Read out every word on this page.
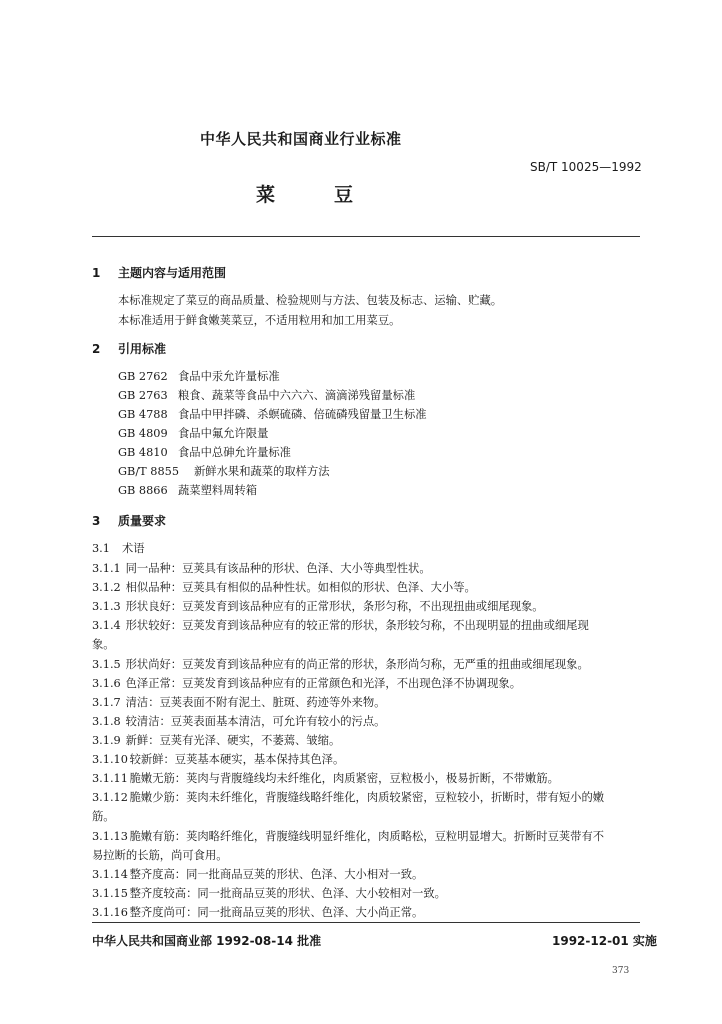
中华人民共和国商业行业标准
SB/T 10025—1992
菜	豆
1 主题内容与适用范围
本标准规定了菜豆的商品质量、检验规则与方法、包装及标志、运输、贮藏。
本标准适用于鲜食嫩荚菜豆，不适用粒用和加工用菜豆。
2 引用标准
GB 2762 食品中汞允许量标准
GB 2763 粮食、蔬菜等食品中六六六、滴滴涕残留量标准
GB 4788 食品中甲拌磷、杀螟硫磷、倍硫磷残留量卫生标准
GB 4809 食品中氟允许限量
GB 4810 食品中总砷允许量标准
GB/T 8855 新鲜水果和蔬菜的取样方法
GB 8866 蔬菜塑料周转箱
3 质量要求
3.1 术语
3.1.1 同一品种：豆荚具有该品种的形状、色泽、大小等典型性状。
3.1.2 相似品种：豆荚具有相似的品种性状。如相似的形状、色泽、大小等。
3.1.3 形状良好：豆荚发育到该品种应有的正常形状，条形匀称，不出现扭曲或细尾现象。
3.1.4 形状较好：豆荚发育到该品种应有的较正常的形状，条形较匀称，不出现明显的扭曲或细尾现
象。
3.1.5 形状尚好：豆荚发育到该品种应有的尚正常的形状，条形尚匀称，无严重的扭曲或细尾现象。
3.1.6 色泽正常：豆荚发育到该品种应有的正常颜色和光泽，不出现色泽不协调现象。
3.1.7 清洁：豆荚表面不附有泥土、脏斑、药迹等外来物。
3.1.8 较清洁：豆荚表面基本清洁，可允许有较小的污点。
3.1.9 新鲜：豆荚有光泽、硬实，不萎蔫、皱缩。
3.1.10 较新鲜：豆荚基本硬实，基本保持其色泽。
3.1.11 脆嫩无筋：荚肉与背腹缝线均未纤维化，肉质紧密，豆粒极小，极易折断，不带嫩筋。
3.1.12 脆嫩少筋：荚肉未纤维化，背腹缝线略纤维化，肉质较紧密，豆粒较小，折断时，带有短小的嫩
筋。
3.1.13 脆嫩有筋：荚肉略纤维化，背腹缝线明显纤维化，肉质略松，豆粒明显增大。折断时豆荚带有不
易拉断的长筋，尚可食用。
3.1.14 整齐度高：同一批商品豆荚的形状、色泽、大小相对一致。
3.1.15 整齐度较高：同一批商品豆荚的形状、色泽、大小较相对一致。
3.1.16 整齐度尚可：同一批商品豆荚的形状、色泽、大小尚正常。
中华人民共和国商业部 1992-08-14 批准	1992-12-01 实施
373
